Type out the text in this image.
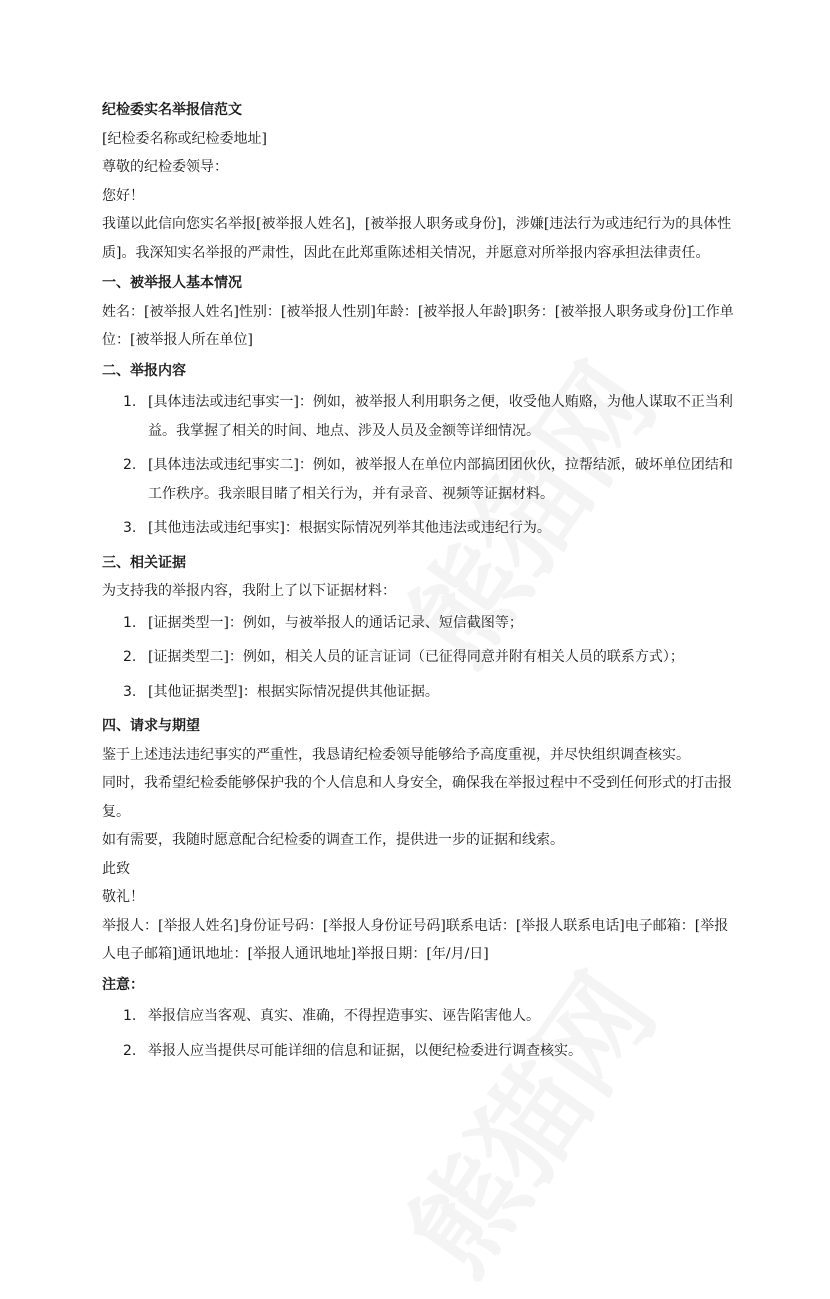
纪检委实名举报信范文

[纪检委名称或纪检委地址]

尊敬的纪检委领导：

您好！

我谨以此信向您实名举报[被举报人姓名]，[被举报人职务或身份]，涉嫌[违法行为或违纪行为的具体性质]。我深知实名举报的严肃性，因此在此郑重陈述相关情况，并愿意对所举报内容承担法律责任。

一、被举报人基本情况

姓名：[被举报人姓名]性别：[被举报人性别]年龄：[被举报人年龄]职务：[被举报人职务或身份]工作单位：[被举报人所在单位]

二、举报内容

1. [具体违法或违纪事实一]：例如，被举报人利用职务之便，收受他人贿赂，为他人谋取不正当利益。我掌握了相关的时间、地点、涉及人员及金额等详细情况。
2. [具体违法或违纪事实二]：例如，被举报人在单位内部搞团团伙伙，拉帮结派，破坏单位团结和工作秩序。我亲眼目睹了相关行为，并有录音、视频等证据材料。
3. [其他违法或违纪事实]：根据实际情况列举其他违法或违纪行为。

三、相关证据

为支持我的举报内容，我附上了以下证据材料：

1. [证据类型一]：例如，与被举报人的通话记录、短信截图等；
2. [证据类型二]：例如，相关人员的证言证词（已征得同意并附有相关人员的联系方式）；
3. [其他证据类型]：根据实际情况提供其他证据。

四、请求与期望

鉴于上述违法违纪事实的严重性，我恳请纪检委领导能够给予高度重视，并尽快组织调查核实。

同时，我希望纪检委能够保护我的个人信息和人身安全，确保我在举报过程中不受到任何形式的打击报复。

如有需要，我随时愿意配合纪检委的调查工作，提供进一步的证据和线索。

此致

敬礼！

举报人：[举报人姓名]身份证号码：[举报人身份证号码]联系电话：[举报人联系电话]电子邮箱：[举报人电子邮箱]通讯地址：[举报人通讯地址]举报日期：[年/月/日]

注意：

1. 举报信应当客观、真实、准确，不得捏造事实、诬告陷害他人。
2. 举报人应当提供尽可能详细的信息和证据，以便纪检委进行调查核实。
